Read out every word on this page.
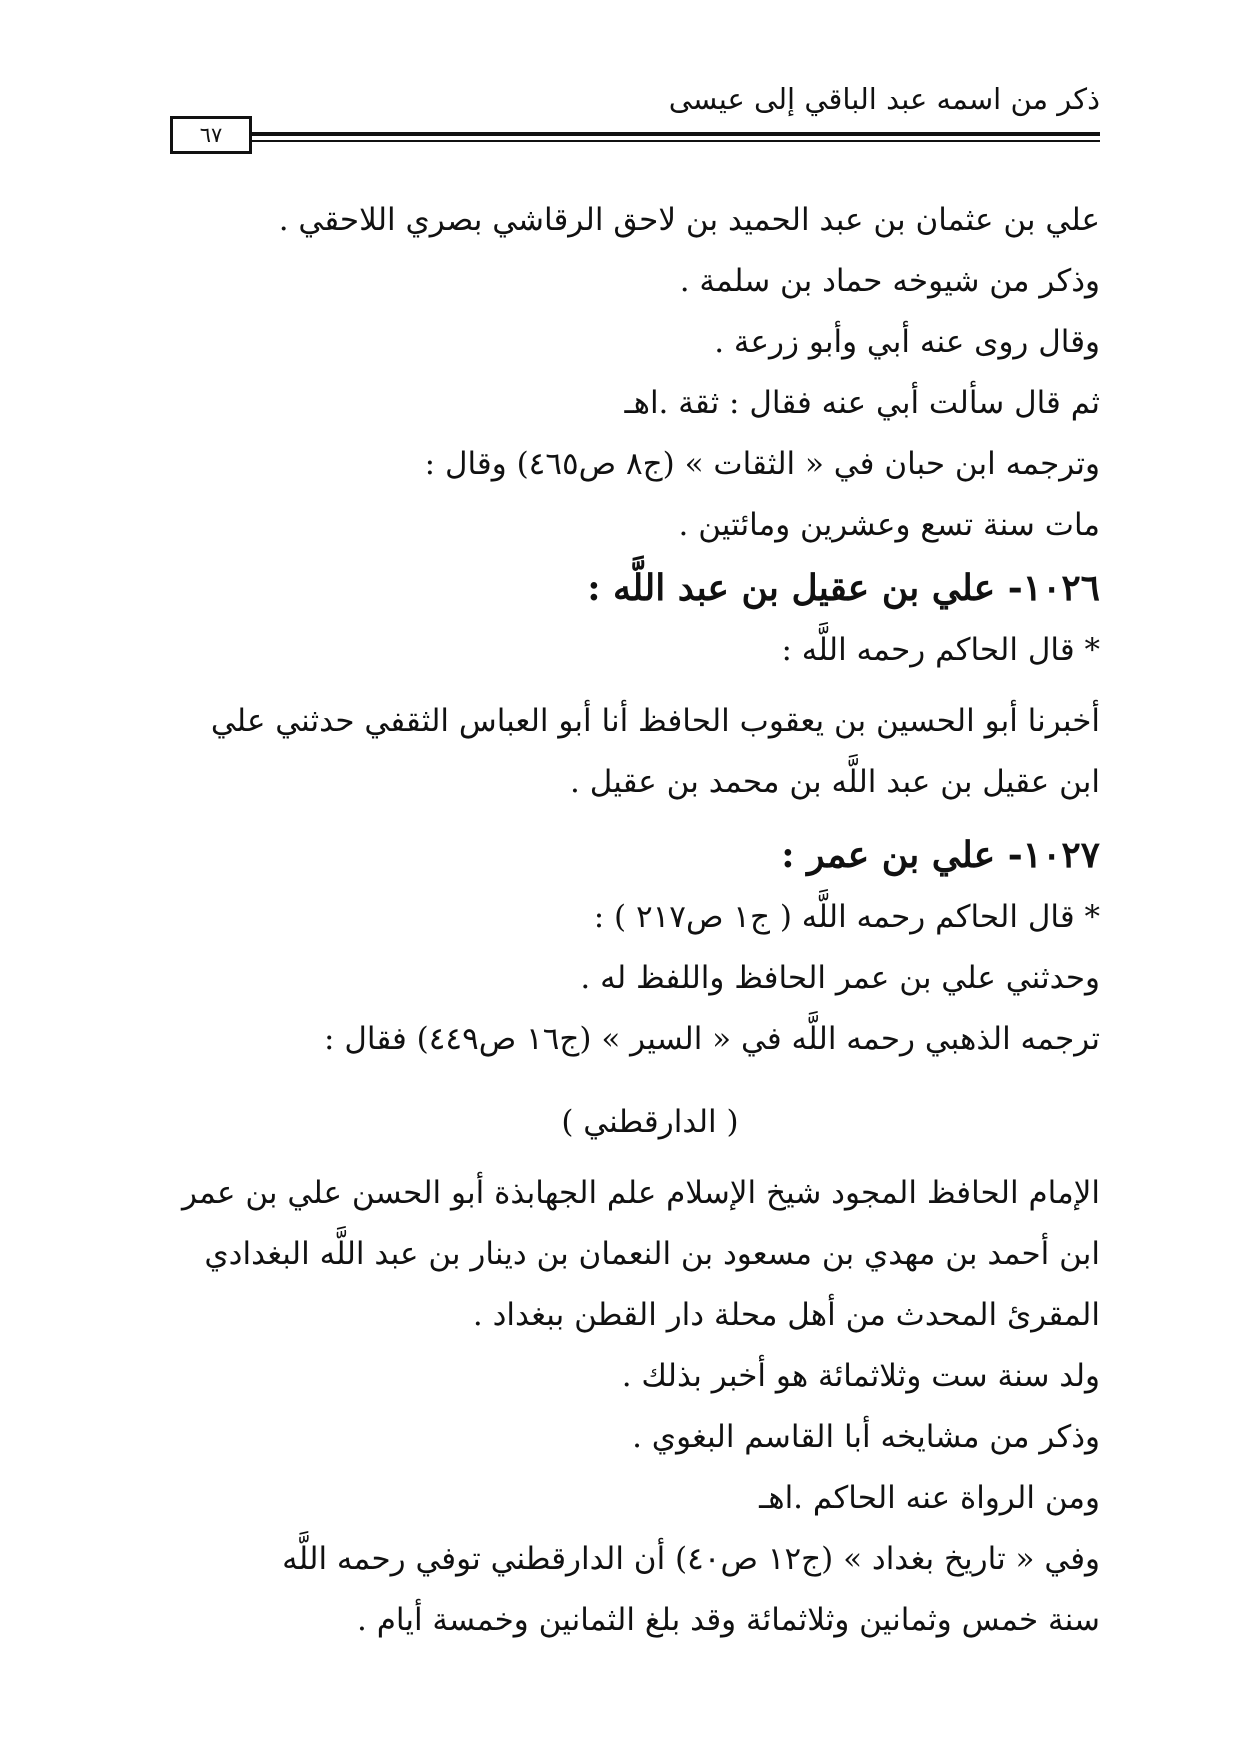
ذكر من اسمه عبد الباقي إلى عيسى
٦٧
علي بن عثمان بن عبد الحميد بن لاحق الرقاشي بصري اللاحقي .
وذكر من شيوخه حماد بن سلمة .
وقال روى عنه أبي وأبو زرعة .
ثم قال سألت أبي عنه فقال : ثقة .اهـ
وترجمه ابن حبان في « الثقات » (ج٨ ص٤٦٥) وقال :
مات سنة تسع وعشرين ومائتين .
١٠٢٦- علي بن عقيل بن عبد اللَّه :
* قال الحاكم رحمه اللَّه :
أخبرنا أبو الحسين بن يعقوب الحافظ أنا أبو العباس الثقفي حدثني علي
ابن عقيل بن عبد اللَّه بن محمد بن عقيل .
١٠٢٧- علي بن عمر :
* قال الحاكم رحمه اللَّه ( ج١ ص٢١٧ ) :
وحدثني علي بن عمر الحافظ واللفظ له .
ترجمه الذهبي رحمه اللَّه في « السير » (ج١٦ ص٤٤٩) فقال :
( الدارقطني )
الإمام الحافظ المجود شيخ الإسلام علم الجهابذة أبو الحسن علي بن عمر
ابن أحمد بن مهدي بن مسعود بن النعمان بن دينار بن عبد اللَّه البغدادي
المقرئ المحدث من أهل محلة دار القطن ببغداد .
ولد سنة ست وثلاثمائة هو أخبر بذلك .
وذكر من مشايخه أبا القاسم البغوي .
ومن الرواة عنه الحاكم .اهـ
وفي « تاريخ بغداد » (ج١٢ ص٤٠) أن الدارقطني توفي رحمه اللَّه
سنة خمس وثمانين وثلاثمائة وقد بلغ الثمانين وخمسة أيام .
